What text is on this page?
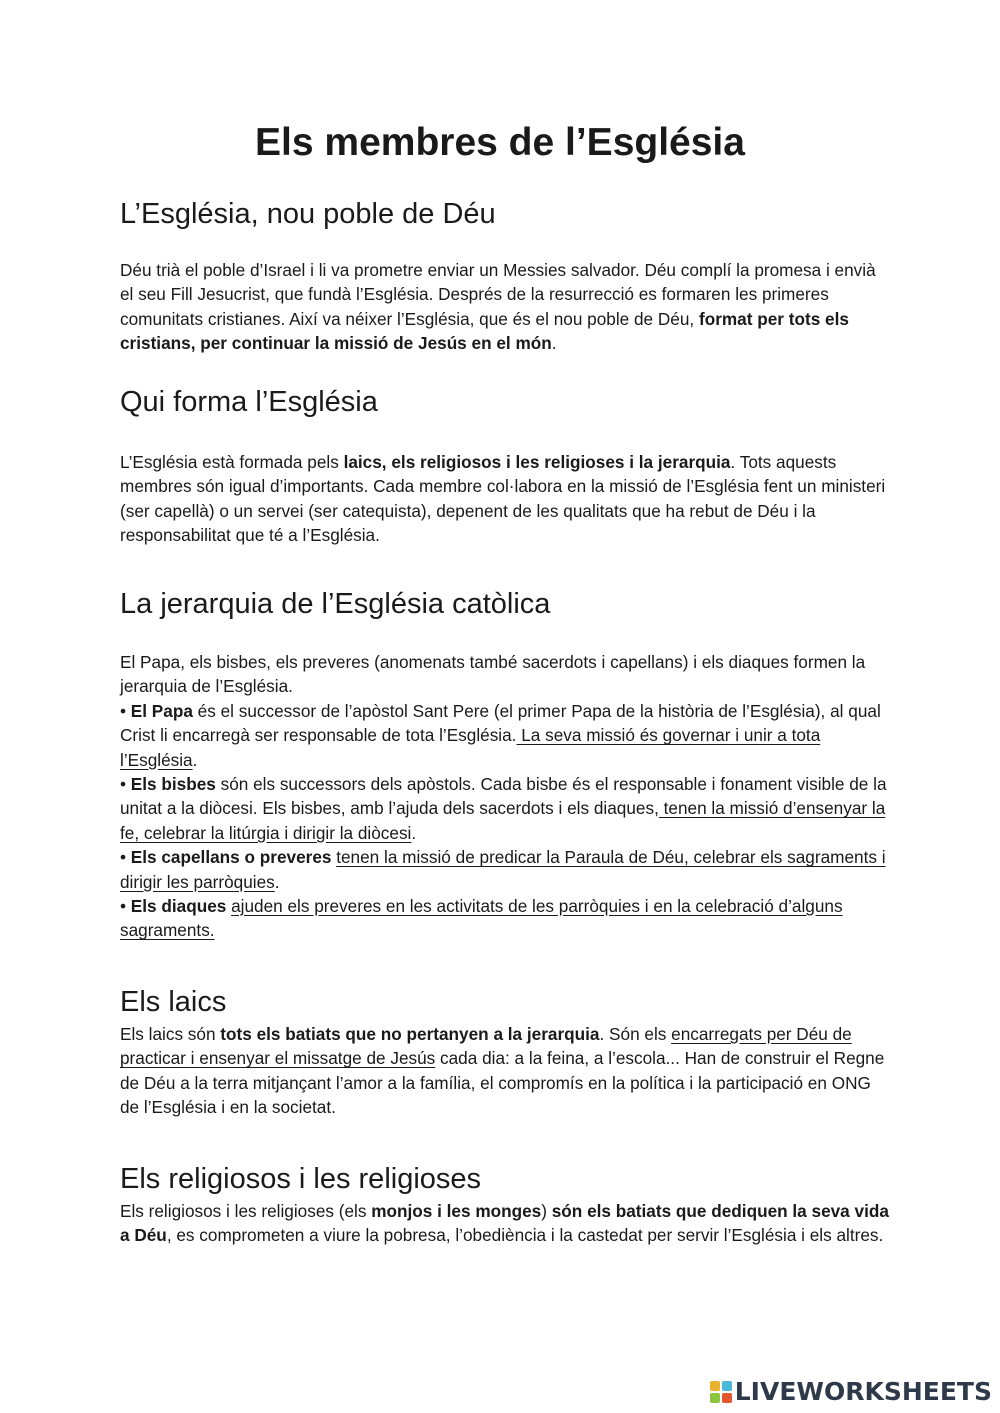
Els membres de l’Església
L’Església, nou poble de Déu

Déu trià el poble d’Israel i li va prometre enviar un Messies salvador. Déu complí la promesa i envià el seu Fill Jesucrist, que fundà l’Església. Després de la resurrecció es formaren les primeres comunitats cristianes. Així va néixer l’Església, que és el nou poble de Déu, format per tots els cristians, per continuar la missió de Jesús en el món.

Qui forma l’Església

L’Església està formada pels laics, els religiosos i les religioses i la jerarquia. Tots aquests membres són igual d’importants. Cada membre col·labora en la missió de l’Església fent un ministeri (ser capellà) o un servei (ser catequista), depenent de les qualitats que ha rebut de Déu i la responsabilitat que té a l’Església.

La jerarquia de l’Església catòlica

El Papa, els bisbes, els preveres (anomenats també sacerdots i capellans) i els diaques formen la jerarquia de l’Església.

• El Papa és el successor de l’apòstol Sant Pere (el primer Papa de la història de l’Església), al qual Crist li encarregà ser responsable de tota l’Església. La seva missió és governar i unir a tota l’Església.

• Els bisbes són els successors dels apòstols. Cada bisbe és el responsable i fonament visible de la unitat a la diòcesi. Els bisbes, amb l’ajuda dels sacerdots i els diaques, tenen la missió d’ensenyar la fe, celebrar la litúrgia i dirigir la diòcesi.

• Els capellans o preveres tenen la missió de predicar la Paraula de Déu, celebrar els sagraments i dirigir les parròquies.

• Els diaques ajuden els preveres en les activitats de les parròquies i en la celebració d’alguns sagraments.

Els laics

Els laics són tots els batiats que no pertanyen a la jerarquia. Són els encarregats per Déu de practicar i ensenyar el missatge de Jesús cada dia: a la feina, a l’escola... Han de construir el Regne de Déu a la terra mitjançant l’amor a la família, el compromís en la política i la participació en ONG de l’Església i en la societat.

Els religiosos i les religioses

Els religiosos i les religioses (els monjos i les monges) són els batiats que dediquen la seva vida a Déu, es comprometen a viure la pobresa, l’obediència i la castedat per servir l’Església i els altres.

LIVEWORKSHEETS
